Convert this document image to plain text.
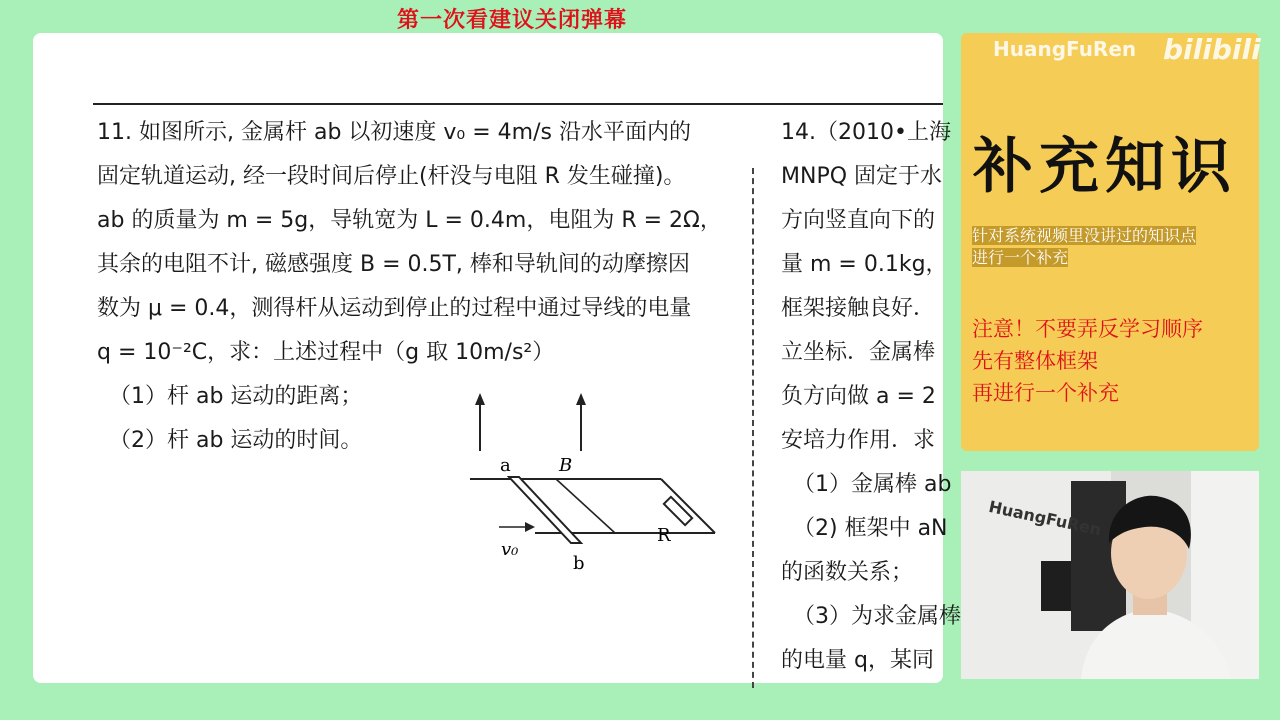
第一次看建议关闭弹幕
11. 如图所示, 金属杆 ab 以初速度 v₀ = 4m/s 沿水平面内的
固定轨道运动, 经一段时间后停止(杆没与电阻 R 发生碰撞)。
ab 的质量为 m = 5g，导轨宽为 L = 0.4m，电阻为 R = 2Ω，
其余的电阻不计, 磁感强度 B = 0.5T, 棒和导轨间的动摩擦因
数为 μ = 0.4，测得杆从运动到停止的过程中通过导线的电量
q = 10⁻²C，求：上述过程中（g 取 10m/s²）
（1）杆 ab 运动的距离；
（2）杆 ab 运动的时间。
a	B
R
v₀
b
14.（2010•上海
MNPQ 固定于水
方向竖直向下的
量 m = 0.1kg，
框架接触良好．
立坐标．金属棒
负方向做 a = 2
安培力作用．求
（1）金属棒 ab
（2) 框架中 aN
的函数关系；
（3）为求金属棒
的电量 q，某同
HuangFuRen bilibili
补充知识
针对系统视频里没讲过的知识点
进行一个补充
注意！不要弄反学习顺序
先有整体框架
再进行一个补充
HuangFuRen
